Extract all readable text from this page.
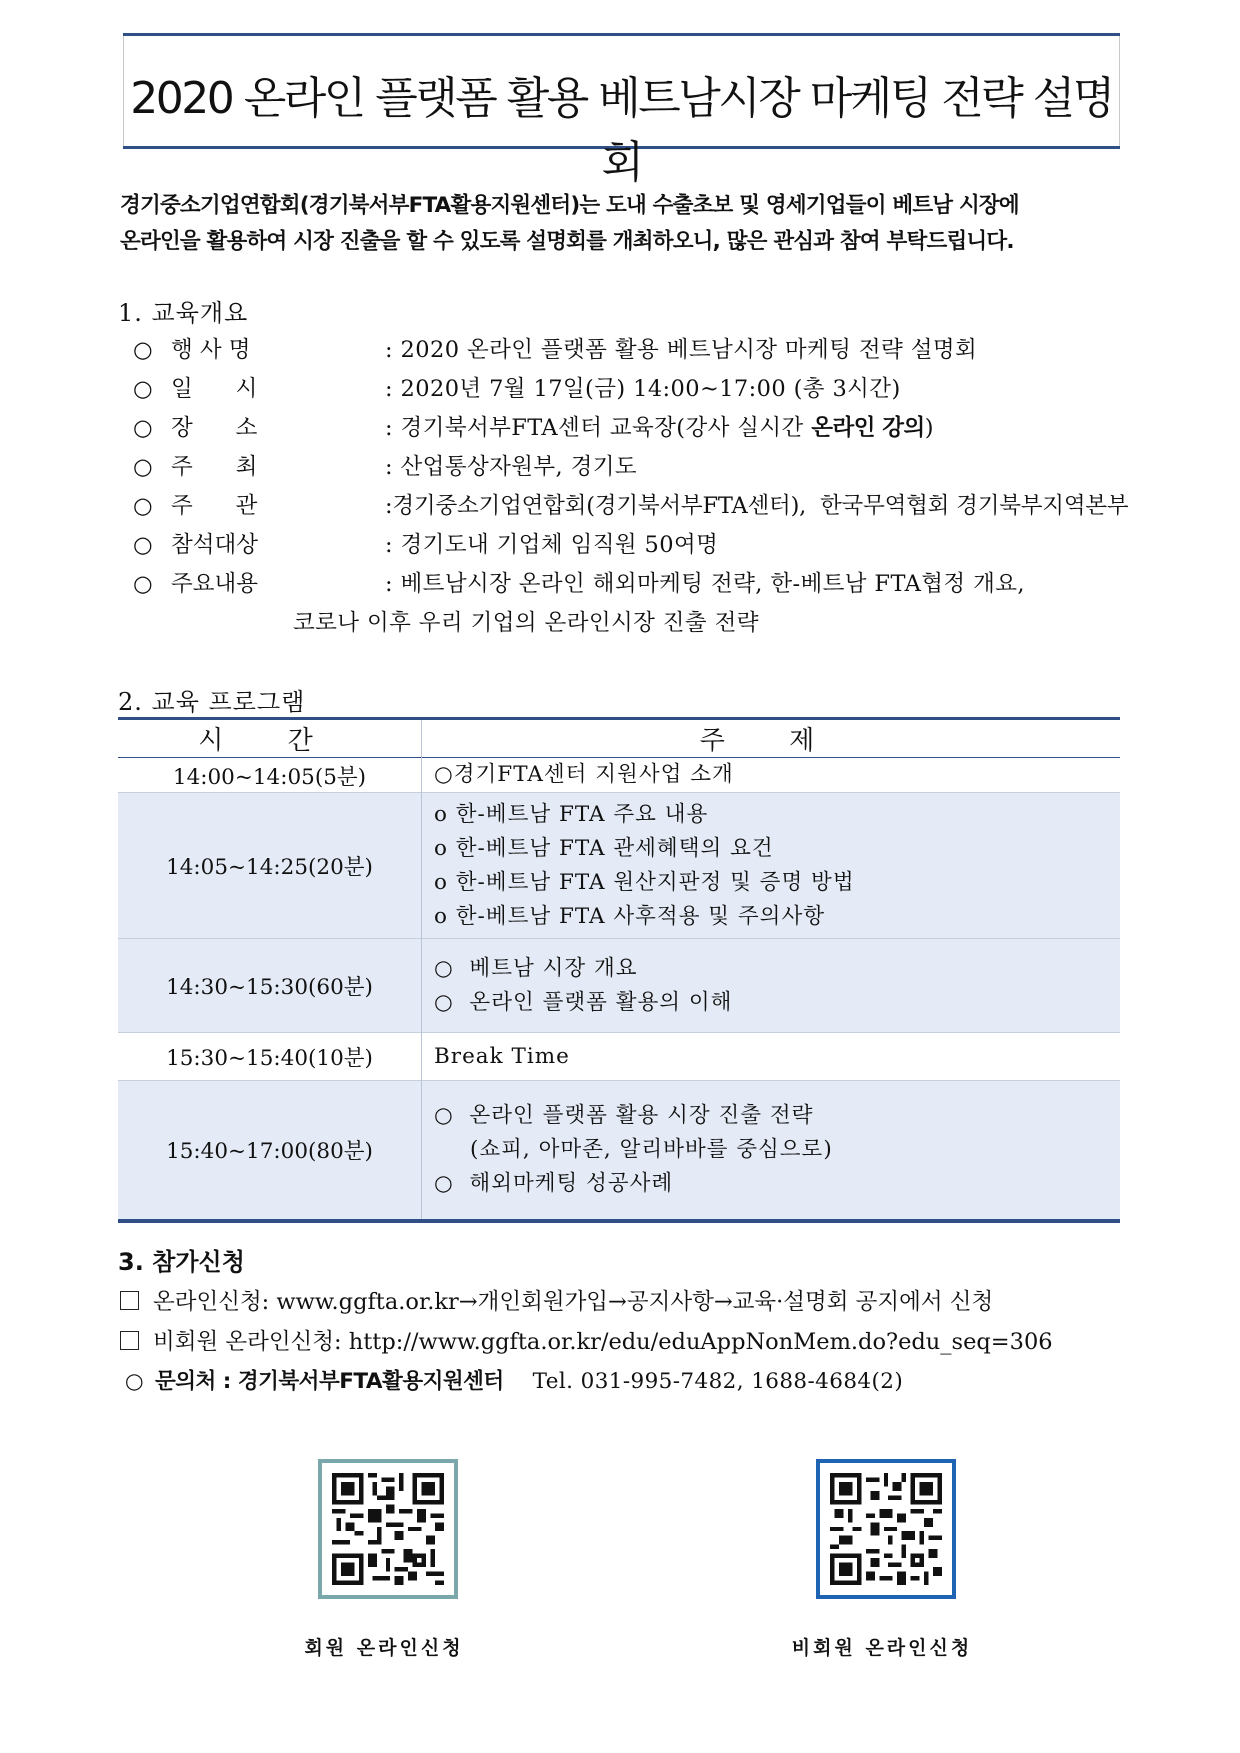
2020 온라인 플랫폼 활용 베트남시장 마케팅 전략 설명회
경기중소기업연합회(경기북서부FTA활용지원센터)는 도내 수출초보 및 영세기업들이 베트남 시장에
온라인을 활용하여 시장 진출을 할 수 있도록 설명회를 개최하오니, 많은 관심과 참여 부탁드립니다.
1. 교육개요
○ 행 사 명	: 2020 온라인 플랫폼 활용 베트남시장 마케팅 전략 설명회
○ 일      시	: 2020년 7월 17일(금) 14:00~17:00 (총 3시간)
○ 장      소	: 경기북서부FTA센터 교육장(강사 실시간 온라인 강의)
○ 주      최	: 산업통상자원부, 경기도
○ 주      관	:경기중소기업연합회(경기북서부FTA센터),  한국무역협회 경기북부지역본부
○ 참석대상	: 경기도내 기업체 임직원 50여명
○ 주요내용	: 베트남시장 온라인 해외마케팅 전략, 한-베트남 FTA협정 개요,
코로나 이후 우리 기업의 온라인시장 진출 전략
2. 교육 프로그램
시 간	주 제
14:00~14:05(5분)	○경기FTA센터 지원사업 소개

14:05~14:25(20분)	o 한-베트남 FTA 주요 내용
o 한-베트남 FTA 관세혜택의 요건
o 한-베트남 FTA 원산지판정 및 증명 방법
o 한-베트남 FTA 사후적용 및 주의사항

14:30~15:30(60분)	○  베트남 시장 개요
○  온라인 플랫폼 활용의 이해

15:30~15:40(10분)	Break Time

15:40~17:00(80분)	○  온라인 플랫폼 활용 시장 진출 전략
(쇼피, 아마존, 알리바바를 중심으로)
○  해외마케팅 성공사례
3. 참가신청
온라인신청: www.ggfta.or.kr→개인회원가입→공지사항→교육·설명회 공지에서 신청
비회원 온라인신청: http://www.ggfta.or.kr/edu/eduAppNonMem.do?edu_seq=306
○ 문의처 : 경기북서부FTA활용지원센터 Tel. 031-995-7482, 1688-4684(2)
회원 온라인신청	비회원 온라인신청
